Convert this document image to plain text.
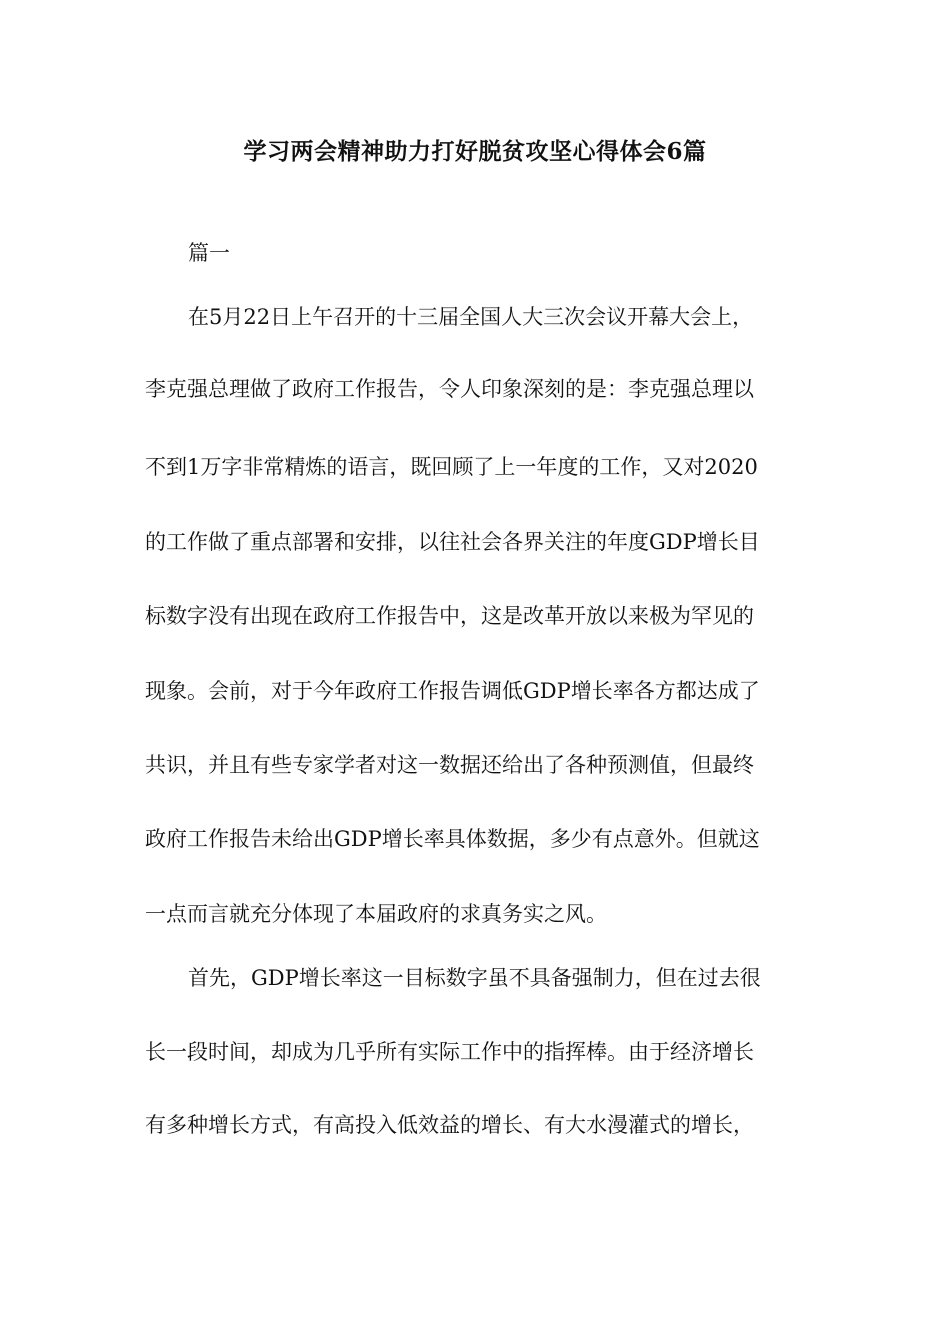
学习两会精神助力打好脱贫攻坚心得体会6篇
篇一
在5月22日上午召开的十三届全国人大三次会议开幕大会上，
李克强总理做了政府工作报告，令人印象深刻的是：李克强总理以
不到1万字非常精炼的语言，既回顾了上一年度的工作，又对2020
的工作做了重点部署和安排，以往社会各界关注的年度GDP增长目
标数字没有出现在政府工作报告中，这是改革开放以来极为罕见的
现象。会前，对于今年政府工作报告调低GDP增长率各方都达成了
共识，并且有些专家学者对这一数据还给出了各种预测值，但最终
政府工作报告未给出GDP增长率具体数据，多少有点意外。但就这
一点而言就充分体现了本届政府的求真务实之风。
首先，GDP增长率这一目标数字虽不具备强制力，但在过去很
长一段时间，却成为几乎所有实际工作中的指挥棒。由于经济增长
有多种增长方式，有高投入低效益的增长、有大水漫灌式的增长，
